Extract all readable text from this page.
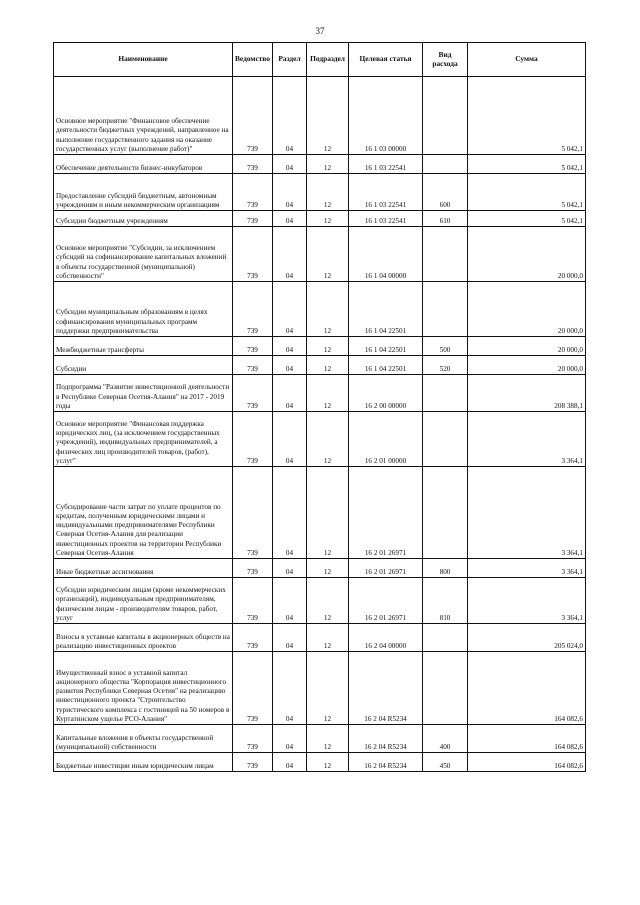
37
Наименование	Ведомство	Раздел	Подраздел	Целевая статья	Вид расхода	Сумма
Основное мероприятие "Финансовое обеспечение деятельности бюджетных учреждений, направленное на выполнение государственного задания на оказание государственных услуг (выполнение работ)"	739	04	12	16 1 03 00000		5 042,1
Обеспечение деятельности бизнес-инкубаторов	739	04	12	16 1 03 22541		5 042,1
Предоставление субсидий бюджетным, автономным учреждениям и иным некоммерческим организациям	739	04	12	16 1 03 22541	600	5 042,1
Субсидии бюджетным учреждениям	739	04	12	16 1 03 22541	610	5 042,1
Основное мероприятие "Субсидии, за исключением субсидий на софинансирование капитальных вложений в объекты государственной (муниципальной) собственности"	739	04	12	16 1 04 00000		20 000,0
Субсидии муниципальным образованиям в целях софинансирования муниципальных программ поддержки предпринимательства	739	04	12	16 1 04 22501		20 000,0
Межбюджетные трансферты	739	04	12	16 1 04 22501	500	20 000,0
Субсидии	739	04	12	16 1 04 22501	520	20 000,0
Подпрограмма "Развитие инвестиционной деятельности в Республике Северная Осетия-Алания" на 2017 - 2019 годы	739	04	12	16 2 00 00000		208 388,1
Основное мероприятие "Финансовая поддержка юридических лиц, (за исключением государственных учреждений), индивидуальных предпринимателей, а физических лиц производителей товаров, (работ), услуг"	739	04	12	16 2 01 00000		3 364,1
Субсидирование части затрат по уплате процентов по кредитам, полученным юридическими лицами и индивидуальными предпринимателями Республики Северная Осетия-Алания для реализации инвестиционных проектов на территории Республики Северная Осетия-Алания	739	04	12	16 2 01 26971		3 364,1
Иные бюджетные ассигнования	739	04	12	16 2 01 26971	800	3 364,1
Субсидии юридическим лицам (кроме некоммерческих организаций), индивидуальным предпринимателям, физическим лицам - производителям товаров, работ, услуг	739	04	12	16 2 01 26971	810	3 364,1
Взносы в уставные капиталы в акционерных обществ на реализацию инвестиционных проектов	739	04	12	16 2 04 00000		205 024,0
Имущественный взнос в уставной капитал акционерного общества "Корпорация инвестиционного развития Республики Северная Осетия" на реализацию инвестиционного проекта "Строительство туристического комплекса с гостиницей на 50 номеров в Куртатинском ущелье РСО-Алания"	739	04	12	16 2 04 R5234		164 082,6
Капитальные вложения в объекты государственной (муниципальной) собственности	739	04	12	16 2 04 R5234	400	164 082,6
Бюджетные инвестиции иным юридическим лицам	739	04	12	16 2 04 R5234	450	164 082,6
